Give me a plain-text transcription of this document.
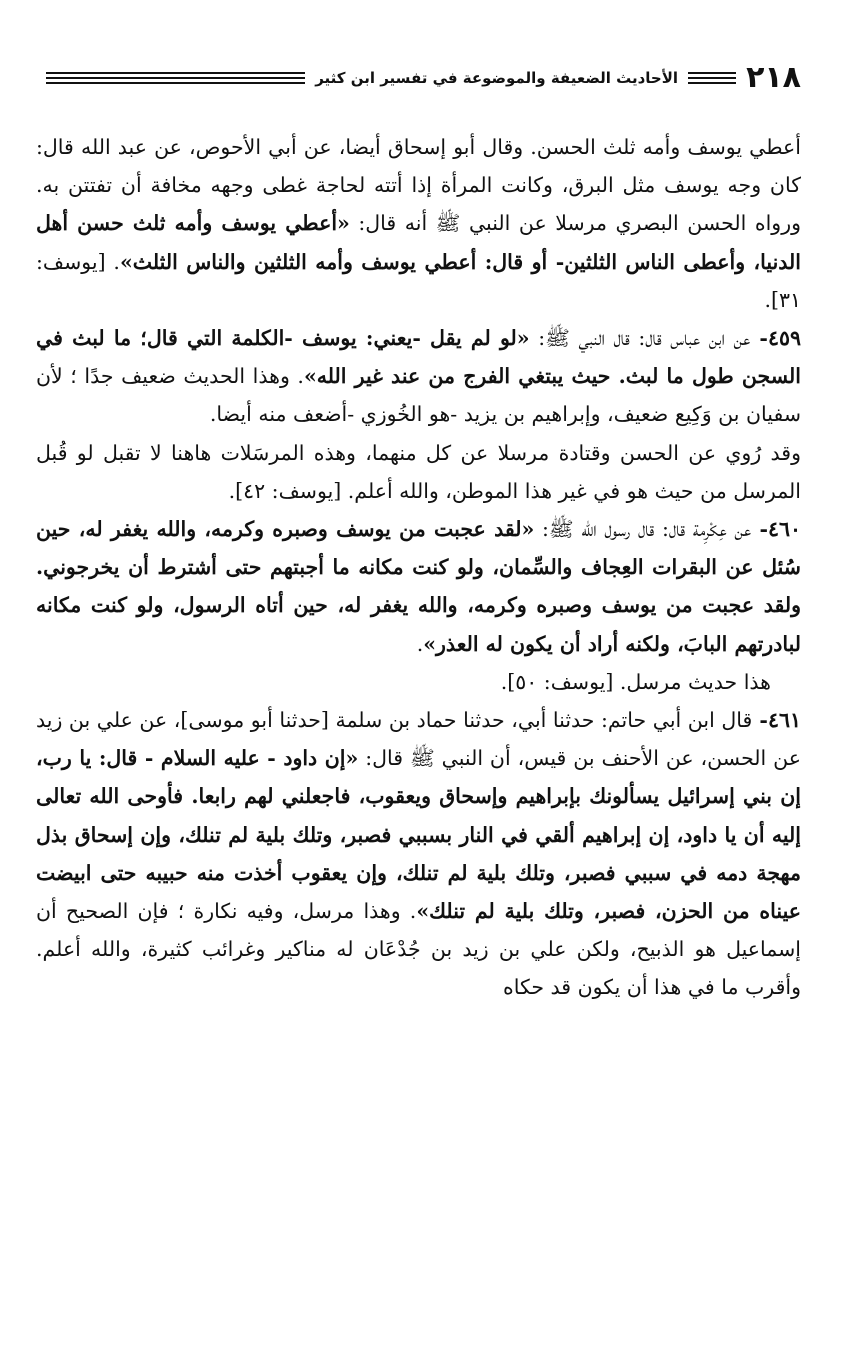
٢١٨
الأحاديث الضعيفة والموضوعة في تفسير ابن كثير

أعطي يوسف وأمه ثلث الحسن. وقال أبو إسحاق أيضا، عن أبي الأحوص، عن عبد الله قال: كان وجه يوسف مثل البرق، وكانت المرأة إذا أتته لحاجة غطى وجهه مخافة أن تفتتن به. ورواه الحسن البصري مرسلا عن النبي ﷺ أنه قال: «أعطي يوسف وأمه ثلث حسن أهل الدنيا، وأعطى الناس الثلثين- أو قال: أعطي يوسف وأمه الثلثين والناس الثلث». [يوسف: ٣١].

٤٥٩- عن ابن عباس قال: قال النبي ﷺ: «لو لم يقل -يعني: يوسف -الكلمة التي قال؛ ما لبث في السجن طول ما لبث. حيث يبتغي الفرج من عند غير الله». وهذا الحديث ضعيف جدًا ؛ لأن سفيان بن وَكِيع ضعيف، وإبراهيم بن يزيد -هو الخُوزي -أضعف منه أيضا.

وقد رُوي عن الحسن وقتادة مرسلا عن كل منهما، وهذه المرسَلات هاهنا لا تقبل لو قُبل المرسل من حيث هو في غير هذا الموطن، والله أعلم. [يوسف: ٤٢].

٤٦٠- عن عِكْرِمة قال: قال رسول الله ﷺ: «لقد عجبت من يوسف وصبره وكرمه، والله يغفر له، حين سُئل عن البقرات العِجاف والسِّمان، ولو كنت مكانه ما أجبتهم حتى أشترط أن يخرجوني. ولقد عجبت من يوسف وصبره وكرمه، والله يغفر له، حين أتاه الرسول، ولو كنت مكانه لبادرتهم البابَ، ولكنه أراد أن يكون له العذر».

هذا حديث مرسل. [يوسف: ٥٠].

٤٦١- قال ابن أبي حاتم: حدثنا أبي، حدثنا حماد بن سلمة [حدثنا أبو موسى]، عن علي بن زيد عن الحسن، عن الأحنف بن قيس، أن النبي ﷺ قال: «إن داود - عليه السلام - قال: يا رب، إن بني إسرائيل يسألونك بإبراهيم وإسحاق ويعقوب، فاجعلني لهم رابعا. فأوحى الله تعالى إليه أن يا داود، إن إبراهيم ألقي في النار بسببي فصبر، وتلك بلية لم تنلك، وإن إسحاق بذل مهجة دمه في سببي فصبر، وتلك بلية لم تنلك، وإن يعقوب أخذت منه حبيبه حتى ابيضت عيناه من الحزن، فصبر، وتلك بلية لم تنلك». وهذا مرسل، وفيه نكارة ؛ فإن الصحيح أن إسماعيل هو الذبيح، ولكن علي بن زيد بن جُدْعَان له مناكير وغرائب كثيرة، والله أعلم. وأقرب ما في هذا أن يكون قد حكاه
